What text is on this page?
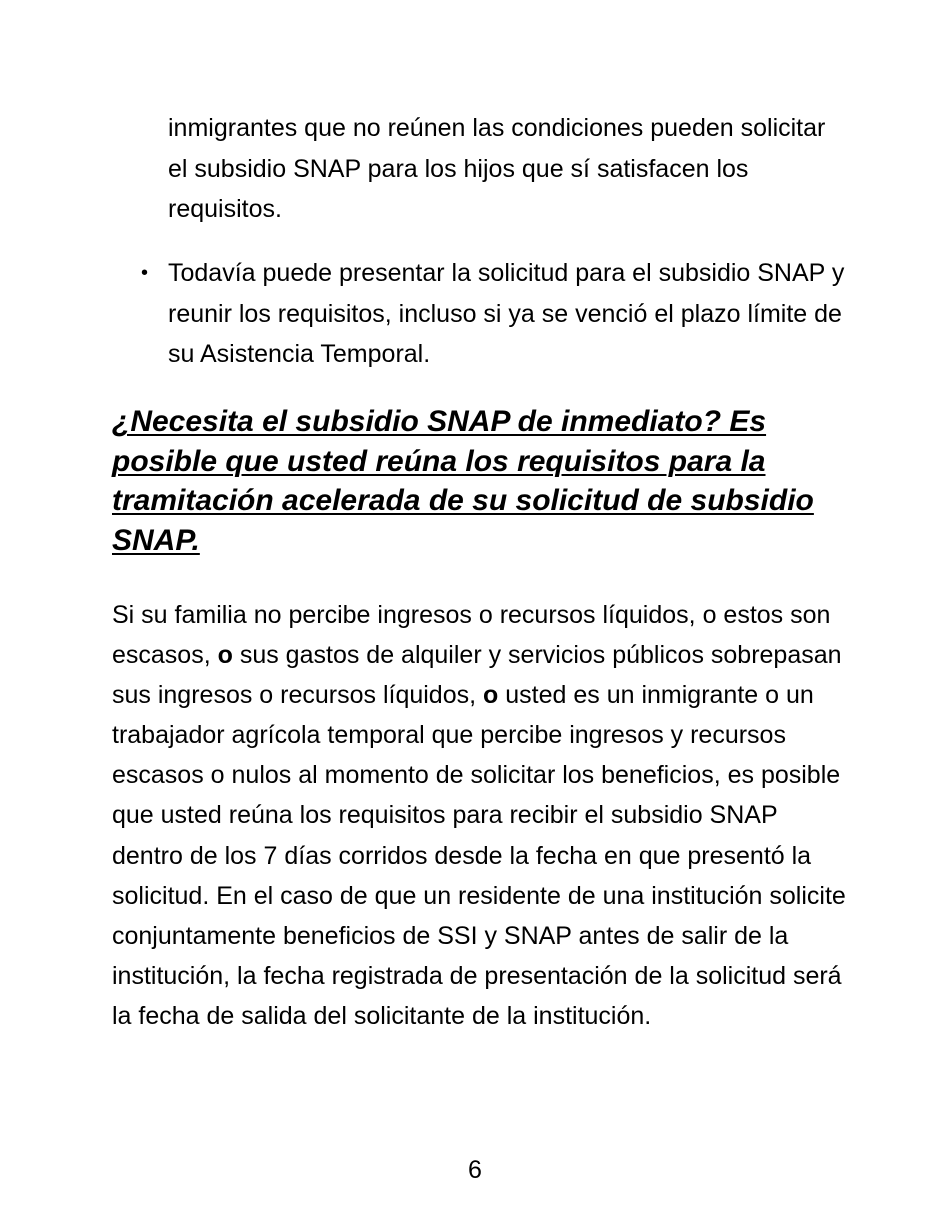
inmigrantes que no reúnen las condiciones pueden solicitar el subsidio SNAP para los hijos que sí satisfacen los requisitos.

• Todavía puede presentar la solicitud para el subsidio SNAP y reunir los requisitos, incluso si ya se venció el plazo límite de su Asistencia Temporal.
¿Necesita el subsidio SNAP de inmediato? Es posible que usted reúna los requisitos para la tramitación acelerada de su solicitud de subsidio SNAP.

Si su familia no percibe ingresos o recursos líquidos, o estos son escasos, o sus gastos de alquiler y servicios públicos sobrepasan sus ingresos o recursos líquidos, o usted es un inmigrante o un trabajador agrícola temporal que percibe ingresos y recursos escasos o nulos al momento de solicitar los beneficios, es posible que usted reúna los requisitos para recibir el subsidio SNAP dentro de los 7 días corridos desde la fecha en que presentó la solicitud. En el caso de que un residente de una institución solicite conjuntamente beneficios de SSI y SNAP antes de salir de la institución, la fecha registrada de presentación de la solicitud será la fecha de salida del solicitante de la institución.

6
